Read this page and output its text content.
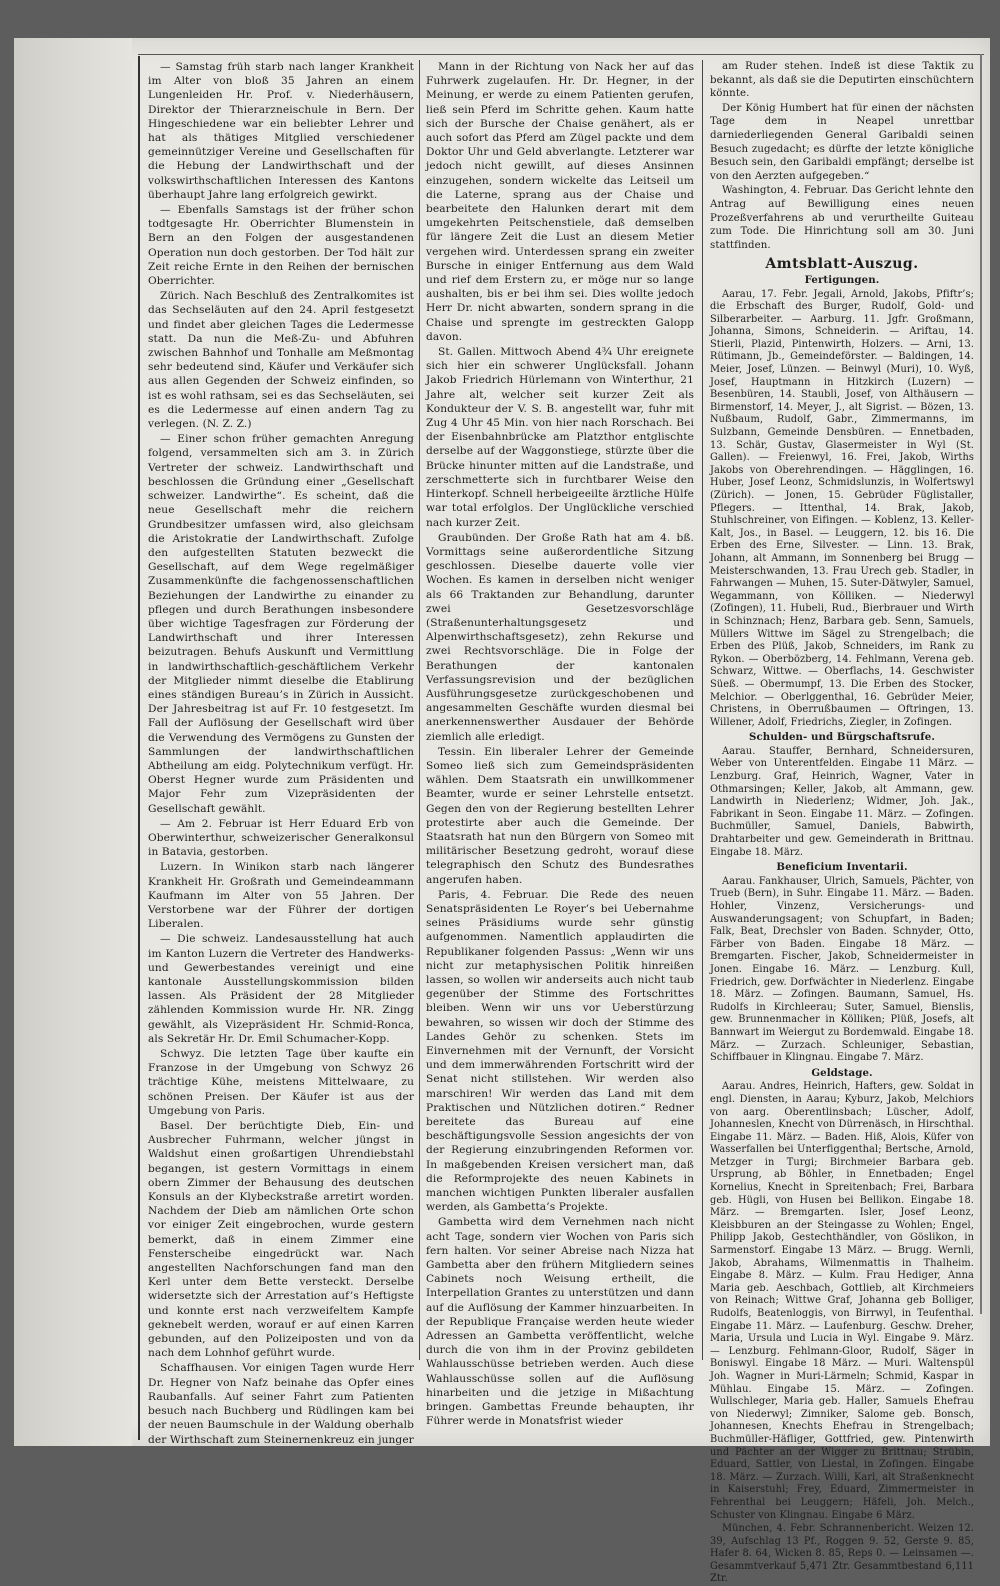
— Samstag früh starb nach langer Krankheit im Alter von bloß 35 Jahren an einem Lungenleiden Hr. Prof. v. Niederhäusern, Direktor der Thierarzneischule in Bern. Der Hingeschiedene war ein beliebter Lehrer und hat als thätiges Mitglied verschiedener gemeinnütziger Vereine und Gesellschaften für die Hebung der Landwirthschaft und der volkswirthschaftlichen Interessen des Kantons überhaupt Jahre lang erfolgreich gewirkt.

— Ebenfalls Samstags ist der früher schon todtgesagte Hr. Oberrichter Blumenstein in Bern an den Folgen der ausgestandenen Operation nun doch gestorben. Der Tod hält zur Zeit reiche Ernte in den Reihen der bernischen Oberrichter.

Zürich. Nach Beschluß des Zentralkomites ist das Sechseläuten auf den 24. April festgesetzt und findet aber gleichen Tages die Ledermesse statt. Da nun die Meß-Zu- und Abfuhren zwischen Bahnhof und Tonhalle am Meßmontag sehr bedeutend sind, Käufer und Verkäufer sich aus allen Gegenden der Schweiz einfinden, so ist es wohl rathsam, sei es das Sechseläuten, sei es die Ledermesse auf einen andern Tag zu verlegen. (N. Z. Z.)

— Einer schon früher gemachten Anregung folgend, versammelten sich am 3. in Zürich Vertreter der schweiz. Landwirthschaft und beschlossen die Gründung einer „Gesellschaft schweizer. Landwirthe“. Es scheint, daß die neue Gesellschaft mehr die reichern Grundbesitzer umfassen wird, also gleichsam die Aristokratie der Landwirthschaft. Zufolge den aufgestellten Statuten bezweckt die Gesellschaft, auf dem Wege regelmäßiger Zusammenkünfte die fachgenossenschaftlichen Beziehungen der Landwirthe zu einander zu pflegen und durch Berathungen insbesondere über wichtige Tagesfragen zur Förderung der Landwirthschaft und ihrer Interessen beizutragen. Behufs Auskunft und Vermittlung in landwirthschaftlich-geschäftlichem Verkehr der Mitglieder nimmt dieselbe die Etablirung eines ständigen Bureau’s in Zürich in Aussicht. Der Jahresbeitrag ist auf Fr. 10 festgesetzt. Im Fall der Auflösung der Gesellschaft wird über die Verwendung des Vermögens zu Gunsten der Sammlungen der landwirthschaftlichen Abtheilung am eidg. Polytechnikum verfügt. Hr. Oberst Hegner wurde zum Präsidenten und Major Fehr zum Vizepräsidenten der Gesellschaft gewählt.

— Am 2. Februar ist Herr Eduard Erb von Oberwinterthur, schweizerischer Generalkonsul in Batavia, gestorben.

Luzern. In Winikon starb nach längerer Krankheit Hr. Großrath und Gemeindeammann Kaufmann im Alter von 55 Jahren. Der Verstorbene war der Führer der dortigen Liberalen.

— Die schweiz. Landesausstellung hat auch im Kanton Luzern die Vertreter des Handwerks- und Gewerbestandes vereinigt und eine kantonale Ausstellungskommission bilden lassen. Als Präsident der 28 Mitglieder zählenden Kommission wurde Hr. NR. Zingg gewählt, als Vizepräsident Hr. Schmid-Ronca, als Sekretär Hr. Dr. Emil Schumacher-Kopp.

Schwyz. Die letzten Tage über kaufte ein Franzose in der Umgebung von Schwyz 26 trächtige Kühe, meistens Mittelwaare, zu schönen Preisen. Der Käufer ist aus der Umgebung von Paris.

Basel. Der berüchtigte Dieb, Ein- und Ausbrecher Fuhrmann, welcher jüngst in Waldshut einen großartigen Uhrendiebstahl begangen, ist gestern Vormittags in einem obern Zimmer der Behausung des deutschen Konsuls an der Klybeckstraße arretirt worden. Nachdem der Dieb am nämlichen Orte schon vor einiger Zeit eingebrochen, wurde gestern bemerkt, daß in einem Zimmer eine Fensterscheibe eingedrückt war. Nach angestellten Nachforschungen fand man den Kerl unter dem Bette versteckt. Derselbe widersetzte sich der Arrestation auf’s Heftigste und konnte erst nach verzweifeltem Kampfe geknebelt werden, worauf er auf einen Karren gebunden, auf den Polizeiposten und von da nach dem Lohnhof geführt wurde.

Schaffhausen. Vor einigen Tagen wurde Herr Dr. Hegner von Nafz beinahe das Opfer eines Raubanfalls. Auf seiner Fahrt zum Patienten besuch nach Buchberg und Rüdlingen kam bei der neuen Baumschule in der Waldung oberhalb der Wirthschaft zum Steinernenkreuz ein junger

Mann in der Richtung von Nack her auf das Fuhrwerk zugelaufen. Hr. Dr. Hegner, in der Meinung, er werde zu einem Patienten gerufen, ließ sein Pferd im Schritte gehen. Kaum hatte sich der Bursche der Chaise genähert, als er auch sofort das Pferd am Zügel packte und dem Doktor Uhr und Geld abverlangte. Letzterer war jedoch nicht gewillt, auf dieses Ansinnen einzugehen, sondern wickelte das Leitseil um die Laterne, sprang aus der Chaise und bearbeitete den Halunken derart mit dem umgekehrten Peitschenstiele, daß demselben für längere Zeit die Lust an diesem Metier vergehen wird. Unterdessen sprang ein zweiter Bursche in einiger Entfernung aus dem Wald und rief dem Erstern zu, er möge nur so lange aushalten, bis er bei ihm sei. Dies wollte jedoch Herr Dr. nicht abwarten, sondern sprang in die Chaise und sprengte im gestreckten Galopp davon.

St. Gallen. Mittwoch Abend 4¾ Uhr ereignete sich hier ein schwerer Unglücksfall. Johann Jakob Friedrich Hürlemann von Winterthur, 21 Jahre alt, welcher seit kurzer Zeit als Kondukteur der V. S. B. angestellt war, fuhr mit Zug 4 Uhr 45 Min. von hier nach Rorschach. Bei der Eisenbahnbrücke am Platzthor entglischte derselbe auf der Waggonstiege, stürzte über die Brücke hinunter mitten auf die Landstraße, und zerschmetterte sich in furchtbarer Weise den Hinterkopf. Schnell herbeigeeilte ärztliche Hülfe war total erfolglos. Der Unglückliche verschied nach kurzer Zeit.

Graubünden. Der Große Rath hat am 4. bß. Vormittags seine außerordentliche Sitzung geschlossen. Dieselbe dauerte volle vier Wochen. Es kamen in derselben nicht weniger als 66 Traktanden zur Behandlung, darunter zwei Gesetzesvorschläge (Straßenunterhaltungsgesetz und Alpenwirthschaftsgesetz), zehn Rekurse und zwei Rechtsvorschläge. Die in Folge der Berathungen der kantonalen Verfassungsrevision und der bezüglichen Ausführungsgesetze zurückgeschobenen und angesammelten Geschäfte wurden diesmal bei anerkennenswerther Ausdauer der Behörde ziemlich alle erledigt.

Tessin. Ein liberaler Lehrer der Gemeinde Someo ließ sich zum Gemeindspräsidenten wählen. Dem Staatsrath ein unwillkommener Beamter, wurde er seiner Lehrstelle entsetzt. Gegen den von der Regierung bestellten Lehrer protestirte aber auch die Gemeinde. Der Staatsrath hat nun den Bürgern von Someo mit militärischer Besetzung gedroht, worauf diese telegraphisch den Schutz des Bundesrathes angerufen haben.

Paris, 4. Februar. Die Rede des neuen Senatspräsidenten Le Royer’s bei Uebernahme seines Präsidiums wurde sehr günstig aufgenommen. Namentlich applaudirten die Republikaner folgenden Passus: „Wenn wir uns nicht zur metaphysischen Politik hinreißen lassen, so wollen wir anderseits auch nicht taub gegenüber der Stimme des Fortschrittes bleiben. Wenn wir uns vor Ueberstürzung bewahren, so wissen wir doch der Stimme des Landes Gehör zu schenken. Stets im Einvernehmen mit der Vernunft, der Vorsicht und dem immerwährenden Fortschritt wird der Senat nicht stillstehen. Wir werden also marschiren! Wir werden das Land mit dem Praktischen und Nützlichen dotiren.“ Redner bereitete das Bureau auf eine beschäftigungsvolle Session angesichts der von der Regierung einzubringenden Reformen vor. In maßgebenden Kreisen versichert man, daß die Reformprojekte des neuen Kabinets in manchen wichtigen Punkten liberaler ausfallen werden, als Gambetta’s Projekte.

Gambetta wird dem Vernehmen nach nicht acht Tage, sondern vier Wochen von Paris sich fern halten. Vor seiner Abreise nach Nizza hat Gambetta aber den frühern Mitgliedern seines Cabinets noch Weisung ertheilt, die Interpellation Grantes zu unterstützen und dann auf die Auflösung der Kammer hinzuarbeiten. In der Republique Française werden heute wieder Adressen an Gambetta veröffentlicht, welche durch die von ihm in der Provinz gebildeten Wahlausschüsse betrieben werden. Auch diese Wahlausschüsse sollen auf die Auflösung hinarbeiten und die jetzige in Mißachtung bringen. Gambettas Freunde behaupten, ihr Führer werde in Monatsfrist wieder

am Ruder stehen. Indeß ist diese Taktik zu bekannt, als daß sie die Deputirten einschüchtern könnte.

Der König Humbert hat für einen der nächsten Tage dem in Neapel unrettbar darniederliegenden General Garibaldi seinen Besuch zugedacht; es dürfte der letzte königliche Besuch sein, den Garibaldi empfängt; derselbe ist von den Aerzten aufgegeben.“

Washington, 4. Februar. Das Gericht lehnte den Antrag auf Bewilligung eines neuen Prozeßverfahrens ab und verurtheilte Guiteau zum Tode. Die Hinrichtung soll am 30. Juni stattfinden.

Amtsblatt-Auszug.
Fertigungen.

Aarau, 17. Febr. Jegali, Arnold, Jakobs, Pfiftr’s; die Erbschaft des Burger, Rudolf, Gold- und Silberarbeiter. — Aarburg. 11. Jgfr. Großmann, Johanna, Simons, Schneiderin. — Ariftau, 14. Stierli, Plazid, Pintenwirth, Holzers. — Arni, 13. Rütimann, Jb., Gemeindeförster. — Baldingen, 14. Meier, Josef, Lünzen. — Beinwyl (Muri), 10. Wyß, Josef, Hauptmann in Hitzkirch (Luzern) — Besenbüren, 14. Staubli, Josef, von Althäusern — Birmenstorf, 14. Meyer, J., alt Sigrist. — Bözen, 13. Nußbaum, Rudolf, Gabr., Zimmermanns, im Sulzbann, Gemeinde Densbüren. — Ennetbaden, 13. Schär, Gustav, Glasermeister in Wyl (St. Gallen). — Freienwyl, 16. Frei, Jakob, Wirths Jakobs von Oberehrendingen. — Hägglingen, 16. Huber, Josef Leonz, Schmidslunzis, in Wolfertswyl (Zürich). — Jonen, 15. Gebrüder Füglistaller, Pflegers. — Ittenthal, 14. Brak, Jakob, Stuhlschreiner, von Eifingen. — Koblenz, 13. Keller-Kalt, Jos., in Basel. — Leuggern, 12. bis 16. Die Erben des Erne, Silvester. — Linn. 13. Brak, Johann, alt Ammann, im Sonnenberg bei Brugg — Meisterschwanden, 13. Frau Urech geb. Stadler, in Fahrwangen — Muhen, 15. Suter-Dätwyler, Samuel, Wegammann, von Kölliken. — Niederwyl (Zofingen), 11. Hubeli, Rud., Bierbrauer und Wirth in Schinznach; Henz, Barbara geb. Senn, Samuels, Müllers Wittwe im Sägel zu Strengelbach; die Erben des Plüß, Jakob, Schneiders, im Rank zu Rykon. — Oberbözberg, 14. Fehlmann, Verena geb. Schwarz, Wittwe. — Oberflachs, 14. Geschwister Süeß. — Obermumpf, 13. Die Erben des Stocker, Melchior. — Oberlggenthal, 16. Gebrüder Meier, Christens, in Oberrußbaumen — Oftringen, 13. Willener, Adolf, Friedrichs, Ziegler, in Zofingen.

Schulden- und Bürgschaftsrufe.

Aarau. Stauffer, Bernhard, Schneidersuren, Weber von Unterentfelden. Eingabe 11 März. — Lenzburg. Graf, Heinrich, Wagner, Vater in Othmarsingen; Keller, Jakob, alt Ammann, gew. Landwirth in Niederlenz; Widmer, Joh. Jak., Fabrikant in Seon. Eingabe 11. März. — Zofingen. Buchmüller, Samuel, Daniels, Babwirth, Drahtarbeiter und gew. Gemeinderath in Brittnau. Eingabe 18. März.

Beneficium Inventarii.

Aarau. Fankhauser, Ulrich, Samuels, Pächter, von Trueb (Bern), in Suhr. Eingabe 11. März. — Baden. Hohler, Vinzenz, Versicherungs- und Auswanderungsagent; von Schupfart, in Baden; Falk, Beat, Drechsler von Baden. Schnyder, Otto, Färber von Baden. Eingabe 18 März. — Bremgarten. Fischer, Jakob, Schneidermeister in Jonen. Eingabe 16. März. — Lenzburg. Kull, Friedrich, gew. Dorfwächter in Niederlenz. Eingabe 18. März. — Zofingen. Baumann, Samuel, Hs. Rudolfs in Kirchleerau; Suter, Samuel, Bienslis, gew. Brunnenmacher in Kölliken; Plüß, Josefs, alt Bannwart im Weiergut zu Bordemwald. Eingabe 18. März. — Zurzach. Schleuniger, Sebastian, Schiffbauer in Klingnau. Eingabe 7. März.

Geldstage.

Aarau. Andres, Heinrich, Hafters, gew. Soldat in engl. Diensten, in Aarau; Kyburz, Jakob, Melchiors von aarg. Oberentlinsbach; Lüscher, Adolf, Johanneslen, Knecht von Dürrenäsch, in Hirschthal. Eingabe 11. März. — Baden. Hiß, Alois, Küfer von Wasserfallen bei Unterfiggenthal; Bertsche, Arnold, Metzger in Turgi; Birchmeier Barbara geb. Ursprung, ab Böhler, in Ennetbaden; Engel Kornelius, Knecht in Spreitenbach; Frei, Barbara geb. Hügli, von Husen bei Bellikon. Eingabe 18. März. — Bremgarten. Isler, Josef Leonz, Kleisbburen an der Steingasse zu Wohlen; Engel, Philipp Jakob, Gestechthändler, von Göslikon, in Sarmenstorf. Eingabe 13 März. — Brugg. Wernli, Jakob, Abrahams, Wilmenmattis in Thalheim. Eingabe 8. März. — Kulm. Frau Hediger, Anna Maria geb. Aeschbach, Gottlieb, alt Kirchmeiers von Reinach; Wittwe Graf, Johanna geb Bolliger, Rudolfs, Beatenloggis, von Birrwyl, in Teufenthal. Eingabe 11. März. — Laufenburg. Geschw. Dreher, Maria, Ursula und Lucia in Wyl. Eingabe 9. März. — Lenzburg. Fehlmann-Gloor, Rudolf, Säger in Boniswyl. Eingabe 18 März. — Muri. Waltenspül Joh. Wagner in Muri-Lärmeln; Schmid, Kaspar in Mühlau. Eingabe 15. März. — Zofingen. Wullschleger, Maria geb. Haller, Samuels Ehefrau von Niederwyl; Zimniker, Salome geb. Bonsch, Johannesen, Knechts Ehefrau in Strengelbach; Buchmüller-Häfliger, Gottfried, gew. Pintenwirth und Pächter an der Wigger zu Brittnau; Strübin, Eduard, Sattler, von Liestal, in Zofingen. Eingabe 18. März. — Zurzach. Willi, Karl, alt Straßenknecht in Kaiserstuhl; Frey, Eduard, Zimmermeister in Fehrenthal bei Leuggern; Häfeli, Joh. Melch., Schuster von Klingnau. Eingabe 6 März.

München, 4. Febr. Schrannenbericht. Weizen 12. 39, Aufschlag 13 Pf., Roggen 9. 52, Gerste 9. 85, Hafer 8. 64, Wicken 8. 85, Reps 0. — Leinsamen —. Gesammtverkauf 5,471 Ztr. Gesammtbestand 6,111 Ztr.
